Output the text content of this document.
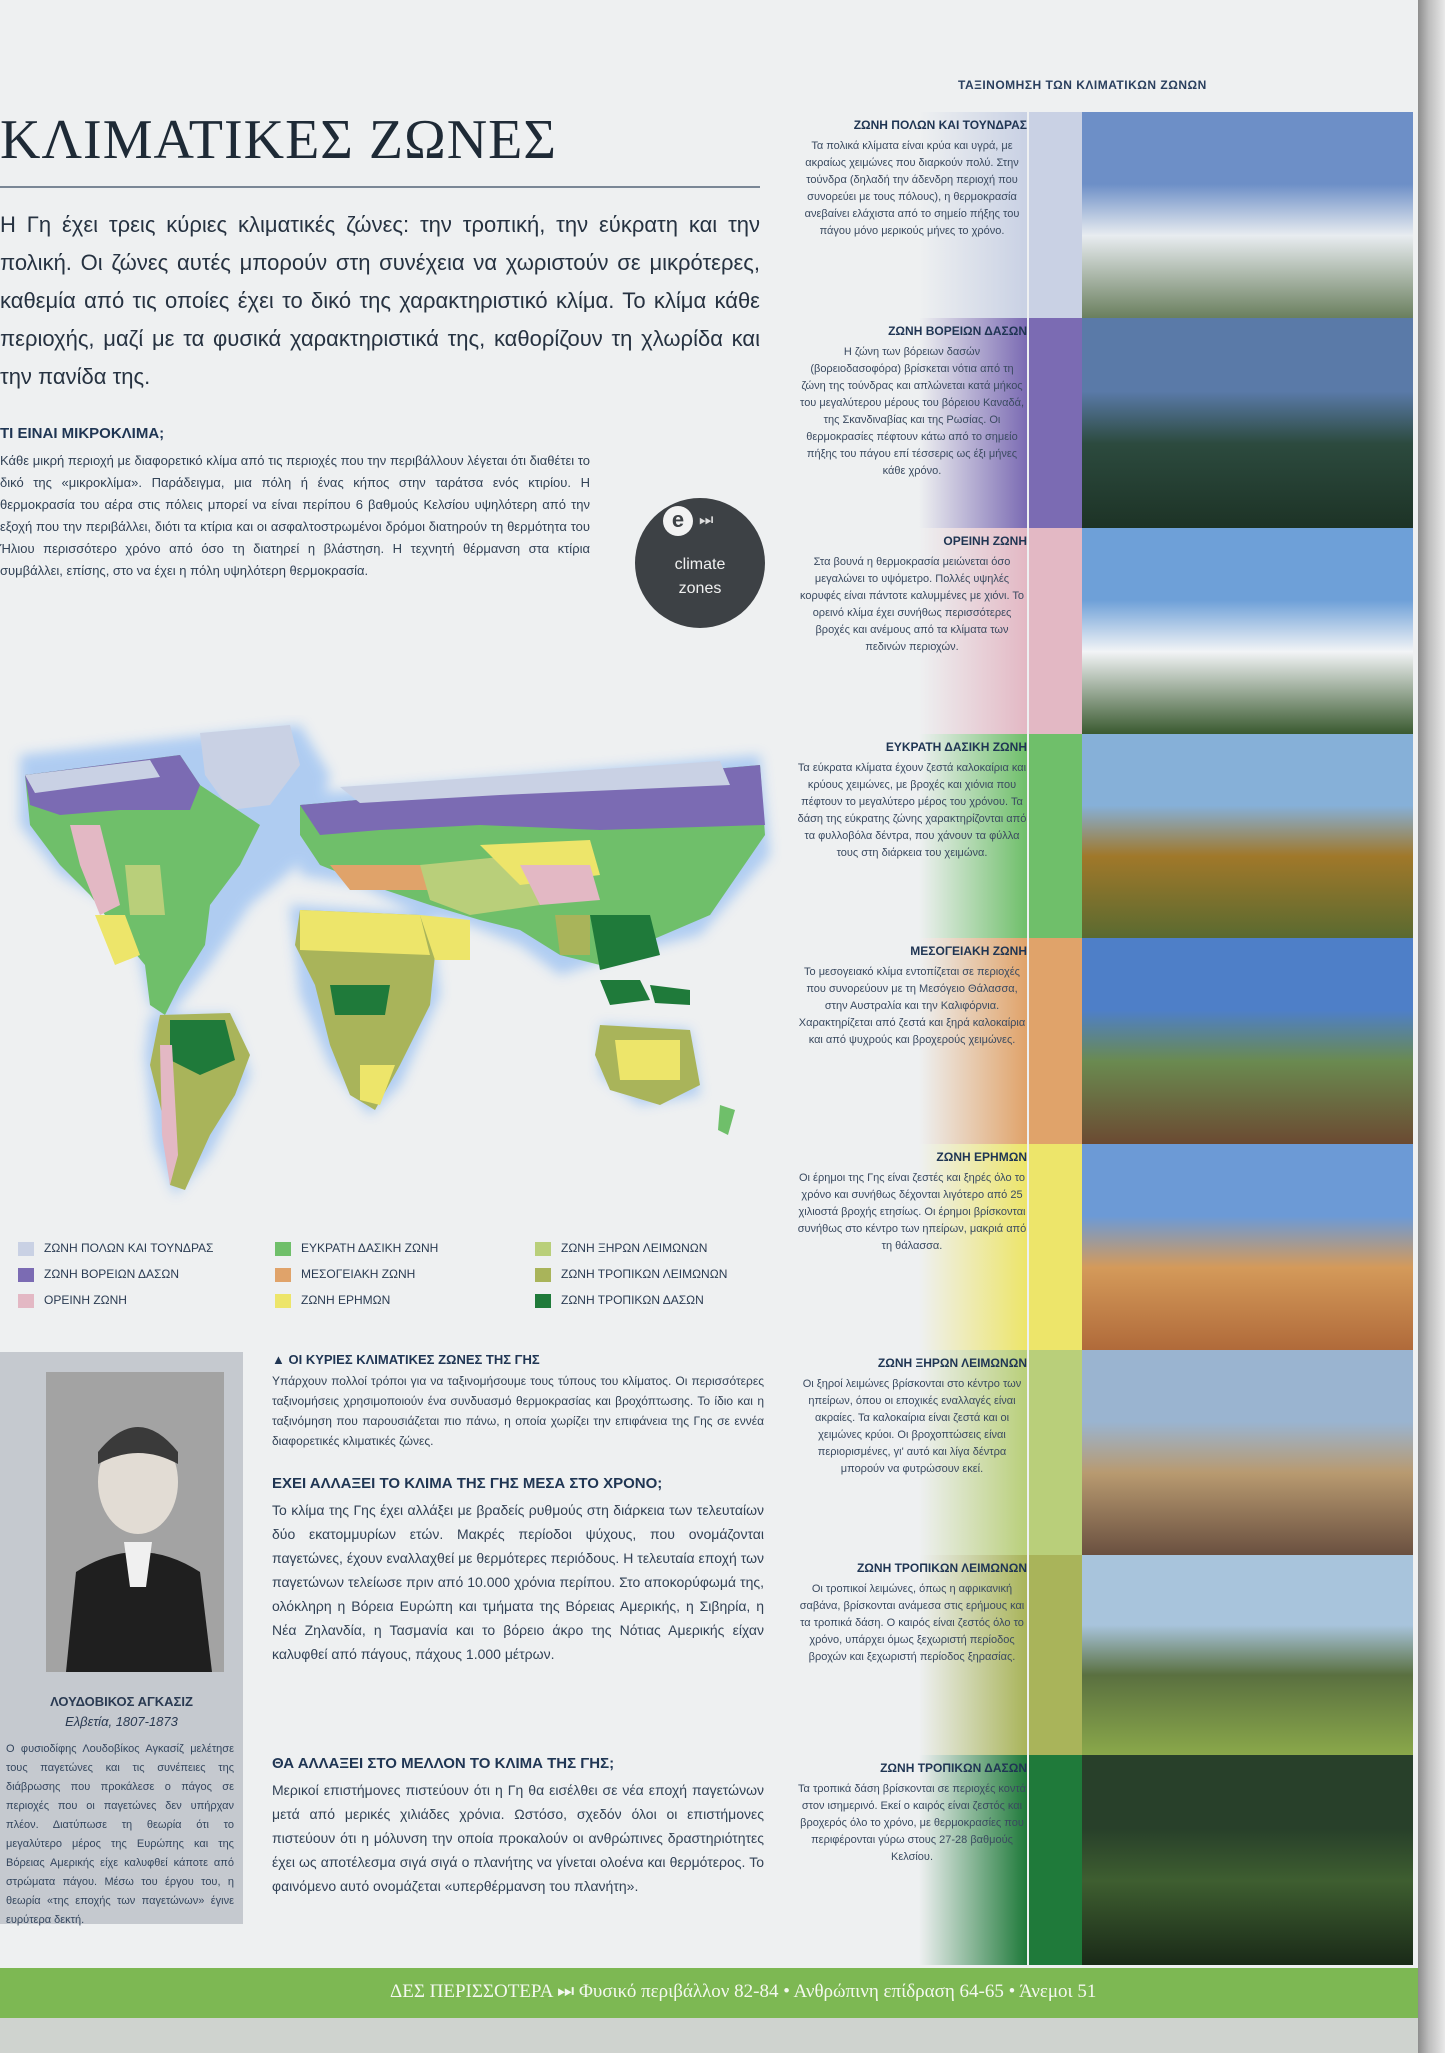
ΤΑΞΙΝΟΜΗΣΗ ΤΩΝ ΚΛΙΜΑΤΙΚΩΝ ΖΩΝΩΝ
ΚΛΙΜΑΤΙΚΕΣ ΖΩΝΕΣ
Η Γη έχει τρεις κύριες κλιματικές ζώνες: την τροπική, την εύκρατη και την πολική. Οι ζώνες αυτές μπορούν στη συνέχεια να χωριστούν σε μικρότερες, καθεμία από τις οποίες έχει το δικό της χαρακτηριστικό κλίμα. Το κλίμα κάθε περιοχής, μαζί με τα φυσικά χαρακτηριστικά της, καθορίζουν τη χλωρίδα και την πανίδα της.
ΤΙ ΕΙΝΑΙ ΜΙΚΡΟΚΛΙΜΑ;
Κάθε μικρή περιοχή με διαφορετικό κλίμα από τις περιοχές που την περιβάλλουν λέγεται ότι διαθέτει το δικό της «μικροκλίμα». Παράδειγμα, μια πόλη ή ένας κήπος στην ταράτσα ενός κτιρίου. Η θερμοκρασία του αέρα στις πόλεις μπορεί να είναι περίπου 6 βαθμούς Κελσίου υψηλότερη από την εξοχή που την περιβάλλει, διότι τα κτίρια και οι ασφαλτοστρωμένοι δρόμοι διατηρούν τη θερμότητα του Ήλιου περισσότερο χρόνο από όσο τη διατηρεί η βλάστηση. Η τεχνητή θέρμανση στα κτίρια συμβάλλει, επίσης, στο να έχει η πόλη υψηλότερη θερμοκρασία.
e ⏭
climate
zones
ΖΩΝΗ ΠΟΛΩΝ ΚΑΙ ΤΟΥΝΔΡΑΣ
ΖΩΝΗ ΒΟΡΕΙΩΝ ΔΑΣΩΝ
ΟΡΕΙΝΗ ΖΩΝΗ
ΕΥΚΡΑΤΗ ΔΑΣΙΚΗ ΖΩΝΗ
ΜΕΣΟΓΕΙΑΚΗ ΖΩΝΗ
ΖΩΝΗ ΕΡΗΜΩΝ
ΖΩΝΗ ΞΗΡΩΝ ΛΕΙΜΩΝΩΝ
ΖΩΝΗ ΤΡΟΠΙΚΩΝ ΛΕΙΜΩΝΩΝ
ΖΩΝΗ ΤΡΟΠΙΚΩΝ ΔΑΣΩΝ
ΛΟΥΔΟΒΙΚΟΣ ΑΓΚΑΣΙΖ
Ελβετία, 1807-1873
Ο φυσιοδίφης Λουδοβίκος Αγκασίζ μελέτησε τους παγετώνες και τις συνέπειες της διάβρωσης που προκάλεσε ο πάγος σε περιοχές που οι παγετώνες δεν υπήρχαν πλέον. Διατύπωσε τη θεωρία ότι το μεγαλύτερο μέρος της Ευρώπης και της Βόρειας Αμερικής είχε καλυφθεί κάποτε από στρώματα πάγου. Μέσω του έργου του, η θεωρία «της εποχής των παγετώνων» έγινε ευρύτερα δεκτή.
▲ ΟΙ ΚΥΡΙΕΣ ΚΛΙΜΑΤΙΚΕΣ ΖΩΝΕΣ ΤΗΣ ΓΗΣ
Υπάρχουν πολλοί τρόποι για να ταξινομήσουμε τους τύπους του κλίματος. Οι περισσότερες ταξινομήσεις χρησιμοποιούν ένα συνδυασμό θερμοκρασίας και βροχόπτωσης. Το ίδιο και η ταξινόμηση που παρουσιάζεται πιο πάνω, η οποία χωρίζει την επιφάνεια της Γης σε εννέα διαφορετικές κλιματικές ζώνες.
ΕΧΕΙ ΑΛΛΑΞΕΙ ΤΟ ΚΛΙΜΑ ΤΗΣ ΓΗΣ ΜΕΣΑ ΣΤΟ ΧΡΟΝΟ;
Το κλίμα της Γης έχει αλλάξει με βραδείς ρυθμούς στη διάρκεια των τελευταίων δύο εκατομμυρίων ετών. Μακρές περίοδοι ψύχους, που ονομάζονται παγετώνες, έχουν εναλλαχθεί με θερμότερες περιόδους. Η τελευταία εποχή των παγετώνων τελείωσε πριν από 10.000 χρόνια περίπου. Στο αποκορύφωμά της, ολόκληρη η Βόρεια Ευρώπη και τμήματα της Βόρειας Αμερικής, η Σιβηρία, η Νέα Ζηλανδία, η Τασμανία και το βόρειο άκρο της Νότιας Αμερικής είχαν καλυφθεί από πάγους, πάχους 1.000 μέτρων.
ΘΑ ΑΛΛΑΞΕΙ ΣΤΟ ΜΕΛΛΟΝ ΤΟ ΚΛΙΜΑ ΤΗΣ ΓΗΣ;
Μερικοί επιστήμονες πιστεύουν ότι η Γη θα εισέλθει σε νέα εποχή παγετώνων μετά από μερικές χιλιάδες χρόνια. Ωστόσο, σχεδόν όλοι οι επιστήμονες πιστεύουν ότι η μόλυνση την οποία προκαλούν οι ανθρώπινες δραστηριότητες έχει ως αποτέλεσμα σιγά σιγά ο πλανήτης να γίνεται ολοένα και θερμότερος. Το φαινόμενο αυτό ονομάζεται «υπερθέρμανση του πλανήτη».
ΖΩΝΗ ΠΟΛΩΝ ΚΑΙ ΤΟΥΝΔΡΑΣ
Τα πολικά κλίματα είναι κρύα και υγρά, με ακραίως χειμώνες που διαρκούν πολύ. Στην τούνδρα (δηλαδή την άδενδρη περιοχή που συνορεύει με τους πόλους), η θερμοκρασία ανεβαίνει ελάχιστα από το σημείο πήξης του πάγου μόνο μερικούς μήνες το χρόνο.
ΖΩΝΗ ΒΟΡΕΙΩΝ ΔΑΣΩΝ
Η ζώνη των βόρειων δασών (βορειοδασοφόρα) βρίσκεται νότια από τη ζώνη της τούνδρας και απλώνεται κατά μήκος του μεγαλύτερου μέρους του βόρειου Καναδά, της Σκανδιναβίας και της Ρωσίας. Οι θερμοκρασίες πέφτουν κάτω από το σημείο πήξης του πάγου επί τέσσερις ως έξι μήνες κάθε χρόνο.
ΟΡΕΙΝΗ ΖΩΝΗ
Στα βουνά η θερμοκρασία μειώνεται όσο μεγαλώνει το υψόμετρο. Πολλές υψηλές κορυφές είναι πάντοτε καλυμμένες με χιόνι. Το ορεινό κλίμα έχει συνήθως περισσότερες βροχές και ανέμους από τα κλίματα των πεδινών περιοχών.
ΕΥΚΡΑΤΗ ΔΑΣΙΚΗ ΖΩΝΗ
Τα εύκρατα κλίματα έχουν ζεστά καλοκαίρια και κρύους χειμώνες, με βροχές και χιόνια που πέφτουν το μεγαλύτερο μέρος του χρόνου. Τα δάση της εύκρατης ζώνης χαρακτηρίζονται από τα φυλλοβόλα δέντρα, που χάνουν τα φύλλα τους στη διάρκεια του χειμώνα.
ΜΕΣΟΓΕΙΑΚΗ ΖΩΝΗ
Το μεσογειακό κλίμα εντοπίζεται σε περιοχές που συνορεύουν με τη Μεσόγειο Θάλασσα, στην Αυστραλία και την Καλιφόρνια. Χαρακτηρίζεται από ζεστά και ξηρά καλοκαίρια και από ψυχρούς και βροχερούς χειμώνες.
ΖΩΝΗ ΕΡΗΜΩΝ
Οι έρημοι της Γης είναι ζεστές και ξηρές όλο το χρόνο και συνήθως δέχονται λιγότερο από 25 χιλιοστά βροχής ετησίως. Οι έρημοι βρίσκονται συνήθως στο κέντρο των ηπείρων, μακριά από τη θάλασσα.
ΖΩΝΗ ΞΗΡΩΝ ΛΕΙΜΩΝΩΝ
Οι ξηροί λειμώνες βρίσκονται στο κέντρο των ηπείρων, όπου οι εποχικές εναλλαγές είναι ακραίες. Τα καλοκαίρια είναι ζεστά και οι χειμώνες κρύοι. Οι βροχοπτώσεις είναι περιορισμένες, γι' αυτό και λίγα δέντρα μπορούν να φυτρώσουν εκεί.
ΖΩΝΗ ΤΡΟΠΙΚΩΝ ΛΕΙΜΩΝΩΝ
Οι τροπικοί λειμώνες, όπως η αφρικανική σαβάνα, βρίσκονται ανάμεσα στις ερήμους και τα τροπικά δάση. Ο καιρός είναι ζεστός όλο το χρόνο, υπάρχει όμως ξεχωριστή περίοδος βροχών και ξεχωριστή περίοδος ξηρασίας.
ΖΩΝΗ ΤΡΟΠΙΚΩΝ ΔΑΣΩΝ
Τα τροπικά δάση βρίσκονται σε περιοχές κοντά στον ισημερινό. Εκεί ο καιρός είναι ζεστός και βροχερός όλο το χρόνο, με θερμοκρασίες που περιφέρονται γύρω στους 27-28 βαθμούς Κελσίου.
ΔΕΣ ΠΕΡΙΣΣΟΤΕΡΑ ⏭ Φυσικό περιβάλλον 82-84 • Ανθρώπινη επίδραση 64-65 • Άνεμοι 51
